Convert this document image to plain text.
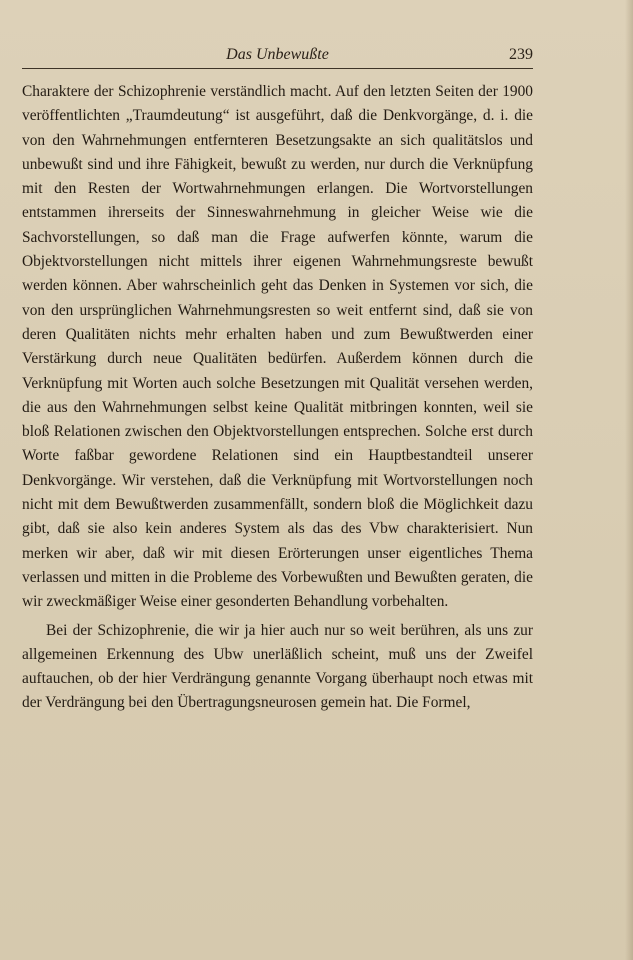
Das Unbewußte	239

Charaktere der Schizophrenie verständlich macht. Auf den letzten Seiten der 1900 veröffentlichten „Traumdeutung“ ist ausgeführt, daß die Denkvorgänge, d. i. die von den Wahrnehmungen entfernteren Besetzungsakte an sich qualitätslos und unbewußt sind und ihre Fähigkeit, bewußt zu werden, nur durch die Verknüpfung mit den Resten der Wortwahrnehmungen erlangen. Die Wortvorstellungen entstammen ihrerseits der Sinneswahrnehmung in gleicher Weise wie die Sachvorstellungen, so daß man die Frage aufwerfen könnte, warum die Objektvorstellungen nicht mittels ihrer eigenen Wahrnehmungsreste bewußt werden können. Aber wahrscheinlich geht das Denken in Systemen vor sich, die von den ursprünglichen Wahrnehmungsresten so weit entfernt sind, daß sie von deren Qualitäten nichts mehr erhalten haben und zum Bewußtwerden einer Verstärkung durch neue Qualitäten bedürfen. Außerdem können durch die Verknüpfung mit Worten auch solche Besetzungen mit Qualität versehen werden, die aus den Wahrnehmungen selbst keine Qualität mitbringen konnten, weil sie bloß Relationen zwischen den Objektvorstellungen entsprechen. Solche erst durch Worte faßbar gewordene Relationen sind ein Hauptbestandteil unserer Denkvorgänge. Wir verstehen, daß die Verknüpfung mit Wortvorstellungen noch nicht mit dem Bewußtwerden zusammenfällt, sondern bloß die Möglichkeit dazu gibt, daß sie also kein anderes System als das des Vbw charakterisiert. Nun merken wir aber, daß wir mit diesen Erörterungen unser eigentliches Thema verlassen und mitten in die Probleme des Vorbewußten und Bewußten geraten, die wir zweckmäßiger Weise einer gesonderten Behandlung vorbehalten.

Bei der Schizophrenie, die wir ja hier auch nur so weit berühren, als uns zur allgemeinen Erkennung des Ubw unerläßlich scheint, muß uns der Zweifel auftauchen, ob der hier Verdrängung genannte Vorgang überhaupt noch etwas mit der Verdrängung bei den Übertragungsneurosen gemein hat. Die Formel,
